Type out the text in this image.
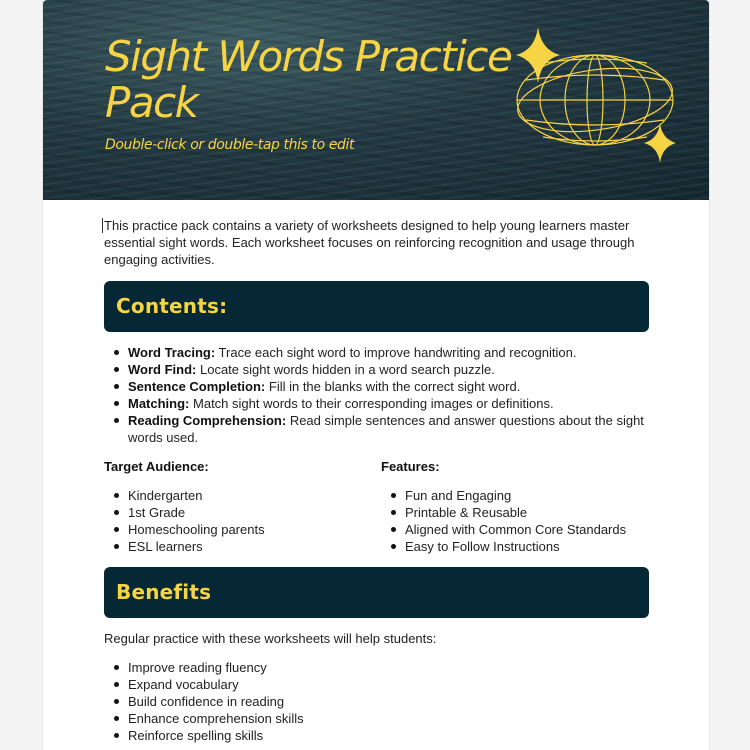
Sight Words Practice Pack
Double-click or double-tap this to edit
This practice pack contains a variety of worksheets designed to help young learners master essential sight words. Each worksheet focuses on reinforcing recognition and usage through engaging activities.
Contents:
Word Tracing: Trace each sight word to improve handwriting and recognition.
Word Find: Locate sight words hidden in a word search puzzle.
Sentence Completion: Fill in the blanks with the correct sight word.
Matching: Match sight words to their corresponding images or definitions.
Reading Comprehension: Read simple sentences and answer questions about the sight words used.
Target Audience:	Features:
Kindergarten
1st Grade
Homeschooling parents
ESL learners
Fun and Engaging
Printable & Reusable
Aligned with Common Core Standards
Easy to Follow Instructions
Benefits
Regular practice with these worksheets will help students:
Improve reading fluency
Expand vocabulary
Build confidence in reading
Enhance comprehension skills
Reinforce spelling skills
